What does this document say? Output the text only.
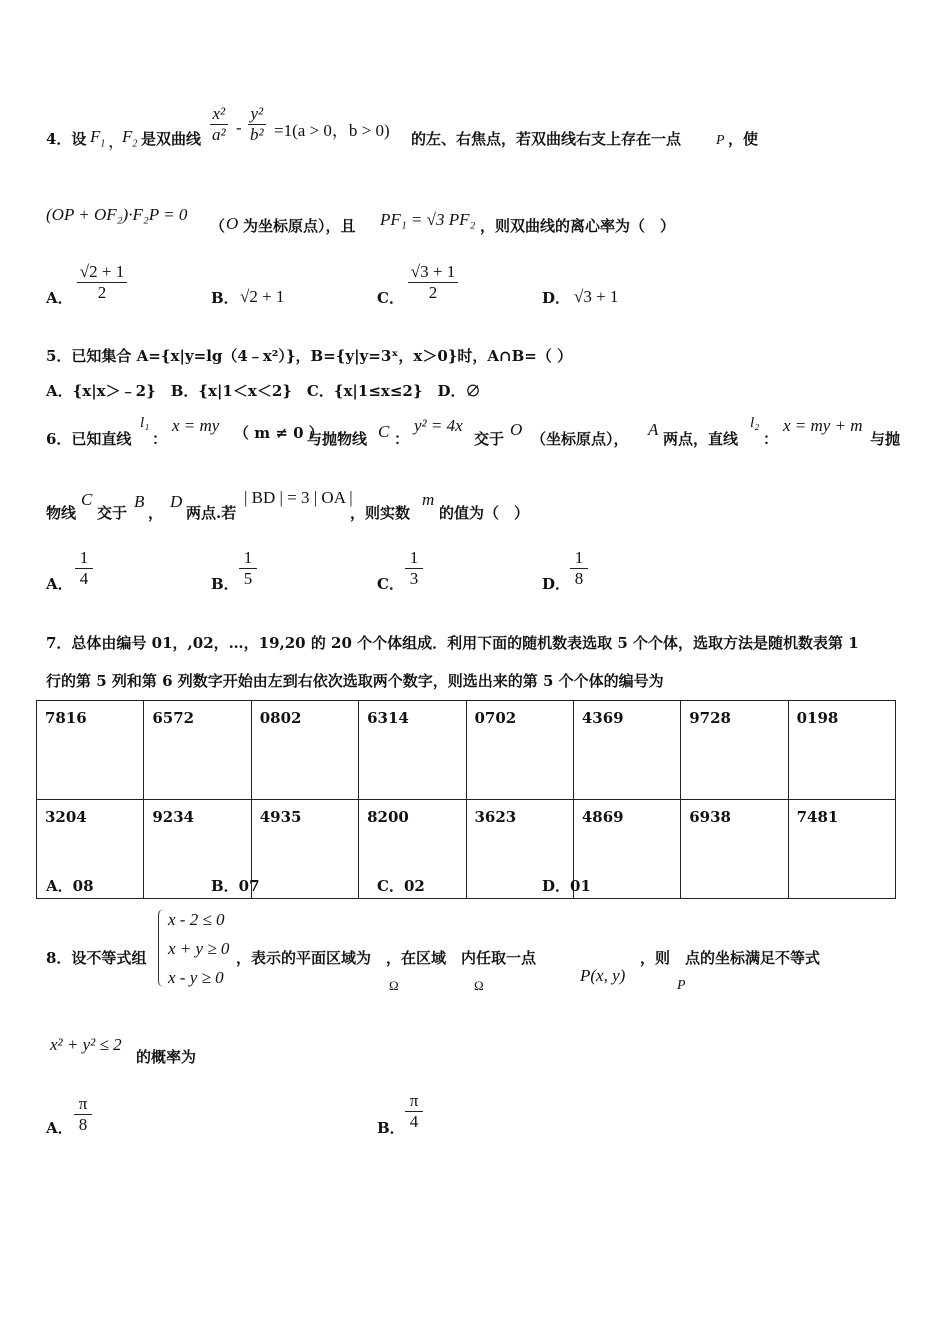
4．设 $F_1$ ，
$F_2$ 是双曲线 $\frac{\text{x²}}{\text{a²}} - \frac{\text{y²}}{\text{b²}} =1(a > 0$，b > 0) 的左、右焦点，若双曲线右支上存在一点 P ，使
(OP + OF₂)·F₂P = 0
（ O 为坐标原点），且 PF₁ = √3 PF₂ ，则双曲线的离心率为（　）
A． $\frac{√2 + 1}{2}$	B． √2 + 1	C． $\frac{√3 + 1}{2}$	D． √3 + 1
5．已知集合 A={x|y=lg（4﹣x²）}，B={y|y=3ˣ，x＞0}时，A∩B=（ ）
A．{x|x＞﹣2}　B．{x|1＜x＜2}　C．{x|1≤x≤2}　D．∅
6．已知直线
l₁
：
x = my （ m ≠ 0 ）
与抛物线 C ：
y² = 4x
交于 O （坐标原点）， A 两点，直线
l₂
：
x = my + m
与抛
物线
C
交于
B
，
D
两点.若
| BD | = 3 | OA |
，则实数
m
的值为（　）
A． $\frac{1}{4}$	B． $\frac{1}{5}$	C． $\frac{1}{3}$	D． $\frac{1}{8}$
7．总体由编号 01，,02，…，19,20 的 20 个个体组成．利用下面的随机数表选取 5 个个体，选取方法是随机数表第 1
行的第 5 列和第 6 列数字开始由左到右依次选取两个数字，则选出来的第 5 个个体的编号为
7816	6572	0802	6314	0702	4369	9728	0198
3204	9234	4935	8200	3623	4869	6938	7481
A．08	B．07	C．02	D．01
8．设不等式组
x - 2 ≤ 0
x + y ≥ 0
x - y ≥ 0
，表示的平面区域为　，在区域　内任取一点
Ω	Ω
P(x, y)
，则　点的坐标满足不等式
P
x² + y² ≤ 2
的概率为
A． $\frac{\pi}{8}$	B． $\frac{\pi}{4}$
